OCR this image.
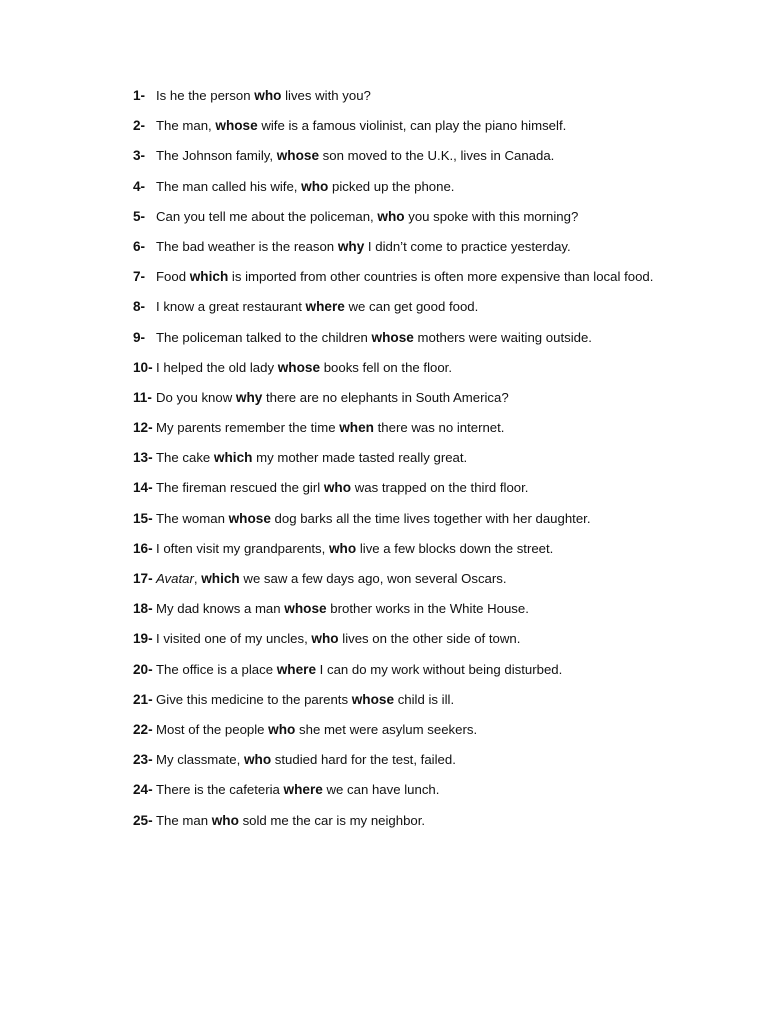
1- Is he the person who lives with you?
2- The man, whose wife is a famous violinist, can play the piano himself.
3- The Johnson family, whose son moved to the U.K., lives in Canada.
4- The man called his wife, who picked up the phone.
5- Can you tell me about the policeman, who you spoke with this morning?
6- The bad weather is the reason why I didn’t come to practice yesterday.
7- Food which is imported from other countries is often more expensive than local food.
8- I know a great restaurant where we can get good food.
9- The policeman talked to the children whose mothers were waiting outside.
10- I helped the old lady whose books fell on the floor.
11- Do you know why there are no elephants in South America?
12- My parents remember the time when there was no internet.
13- The cake which my mother made tasted really great.
14- The fireman rescued the girl who was trapped on the third floor.
15- The woman whose dog barks all the time lives together with her daughter.
16- I often visit my grandparents, who live a few blocks down the street.
17- Avatar, which we saw a few days ago, won several Oscars.
18- My dad knows a man whose brother works in the White House.
19- I visited one of my uncles, who lives on the other side of town.
20- The office is a place where I can do my work without being disturbed.
21- Give this medicine to the parents whose child is ill.
22- Most of the people who she met were asylum seekers.
23- My classmate, who studied hard for the test, failed.
24- There is the cafeteria where we can have lunch.
25- The man who sold me the car is my neighbor.
